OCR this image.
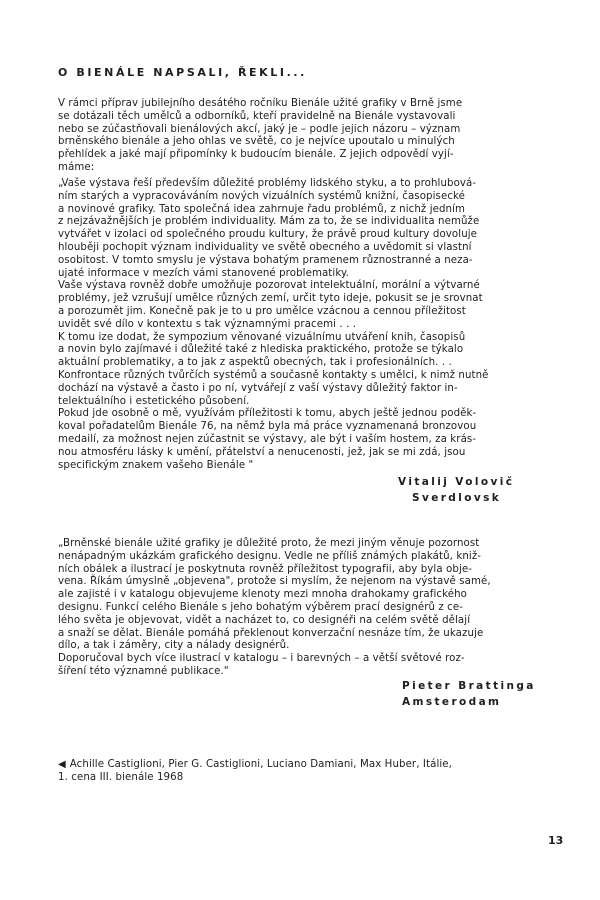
O BIENÁLE NAPSALI, ŘEKLI...
V rámci příprav jubilejního desátého ročníku Bienále užité grafiky v Brně jsme
se dotázali těch umělců a odborníků, kteří pravidelně na Bienále vystavovali
nebo se zúčastňovali bienálových akcí, jaký je – podle jejich názoru – význam
brněnského bienále a jeho ohlas ve světě, co je nejvíce upoutalo u minulých
přehlídek a jaké mají připomínky k budoucím bienále. Z jejich odpovědí vyjí-
máme:
„Vaše výstava řeší především důležité problémy lidského styku, a to prohlubová-
ním starých a vypracováváním nových vizuálních systémů knižní, časopisecké
a novinové grafiky. Tato společná idea zahrnuje řadu problémů, z nichž jedním
z nejzávažnějších je problém individuality. Mám za to, že se individualita nemůže
vytvářet v izolaci od společného proudu kultury, že právě proud kultury dovoluje
hlouběji pochopit význam individuality ve světě obecného a uvědomit si vlastní
osobitost. V tomto smyslu je výstava bohatým pramenem různostranné a neza-
ujaté informace v mezích vámi stanovené problematiky.
Vaše výstava rovněž dobře umožňuje pozorovat intelektuální, morální a výtvarné
problémy, jež vzrušují umělce různých zemí, určit tyto ideje, pokusit se je srovnat
a porozumět jim. Konečně pak je to u pro umělce vzácnou a cennou příležitost
uvidět své dílo v kontextu s tak významnými pracemi . . .
K tomu ize dodat, že sympozium věnované vizuálnímu utváření knih, časopisů
a novin bylo zajímavé i důležité také z hlediska praktického, protože se týkalo
aktuální problematiky, a to jak z aspektů obecných, tak i profesionálních. . .
Konfrontace různých tvůrčích systémů a současně kontakty s umělci, k nimž nutně
dochází na výstavě a často i po ní, vytvářejí z vaší výstavy důležitý faktor in-
telektuálního i estetického působení.
Pokud jde osobně o mě, využívám příležitosti k tomu, abych ještě jednou poděk-
koval pořadatelům Bienále 76, na němž byla má práce vyznamenaná bronzovou
medailí, za možnost nejen zúčastnit se výstavy, ale být i vaším hostem, za krás-
nou atmosféru lásky k umění, přátelství a nenucenosti, jež, jak se mi zdá, jsou
specifickým znakem vašeho Bienále "
Vitalij Volovič
Sverdlovsk
„Brněnské bienále užité grafiky je důležité proto, že mezi jiným věnuje pozornost
nenápadným ukázkám grafického designu. Vedle ne příliš známých plakátů, kniž-
ních obálek a ilustrací je poskytnuta rovněž příležitost typografii, aby byla obje-
vena. Říkám úmyslně „objevena", protože si myslím, že nejenom na výstavě samé,
ale zajisté i v katalogu objevujeme klenoty mezi mnoha drahokamy grafického
designu. Funkcí celého Bienále s jeho bohatým výběrem prací designérů z ce-
lého světa je objevovat, vidět a nacházet to, co designéři na celém světě dělají
a snaží se dělat. Bienále pomáhá překlenout konverzační nesnáze tím, že ukazuje
dílo, a tak i záměry, city a nálady designérů.
Doporučoval bych více ilustrací v katalogu – i barevných – a větší světové roz-
šíření této významné publikace."
Pieter Brattinga
Amsterodam
◀ Achille Castiglioni, Pier G. Castiglioni, Luciano Damiani, Max Huber, Itálie,
1. cena III. bienále 1968
13
